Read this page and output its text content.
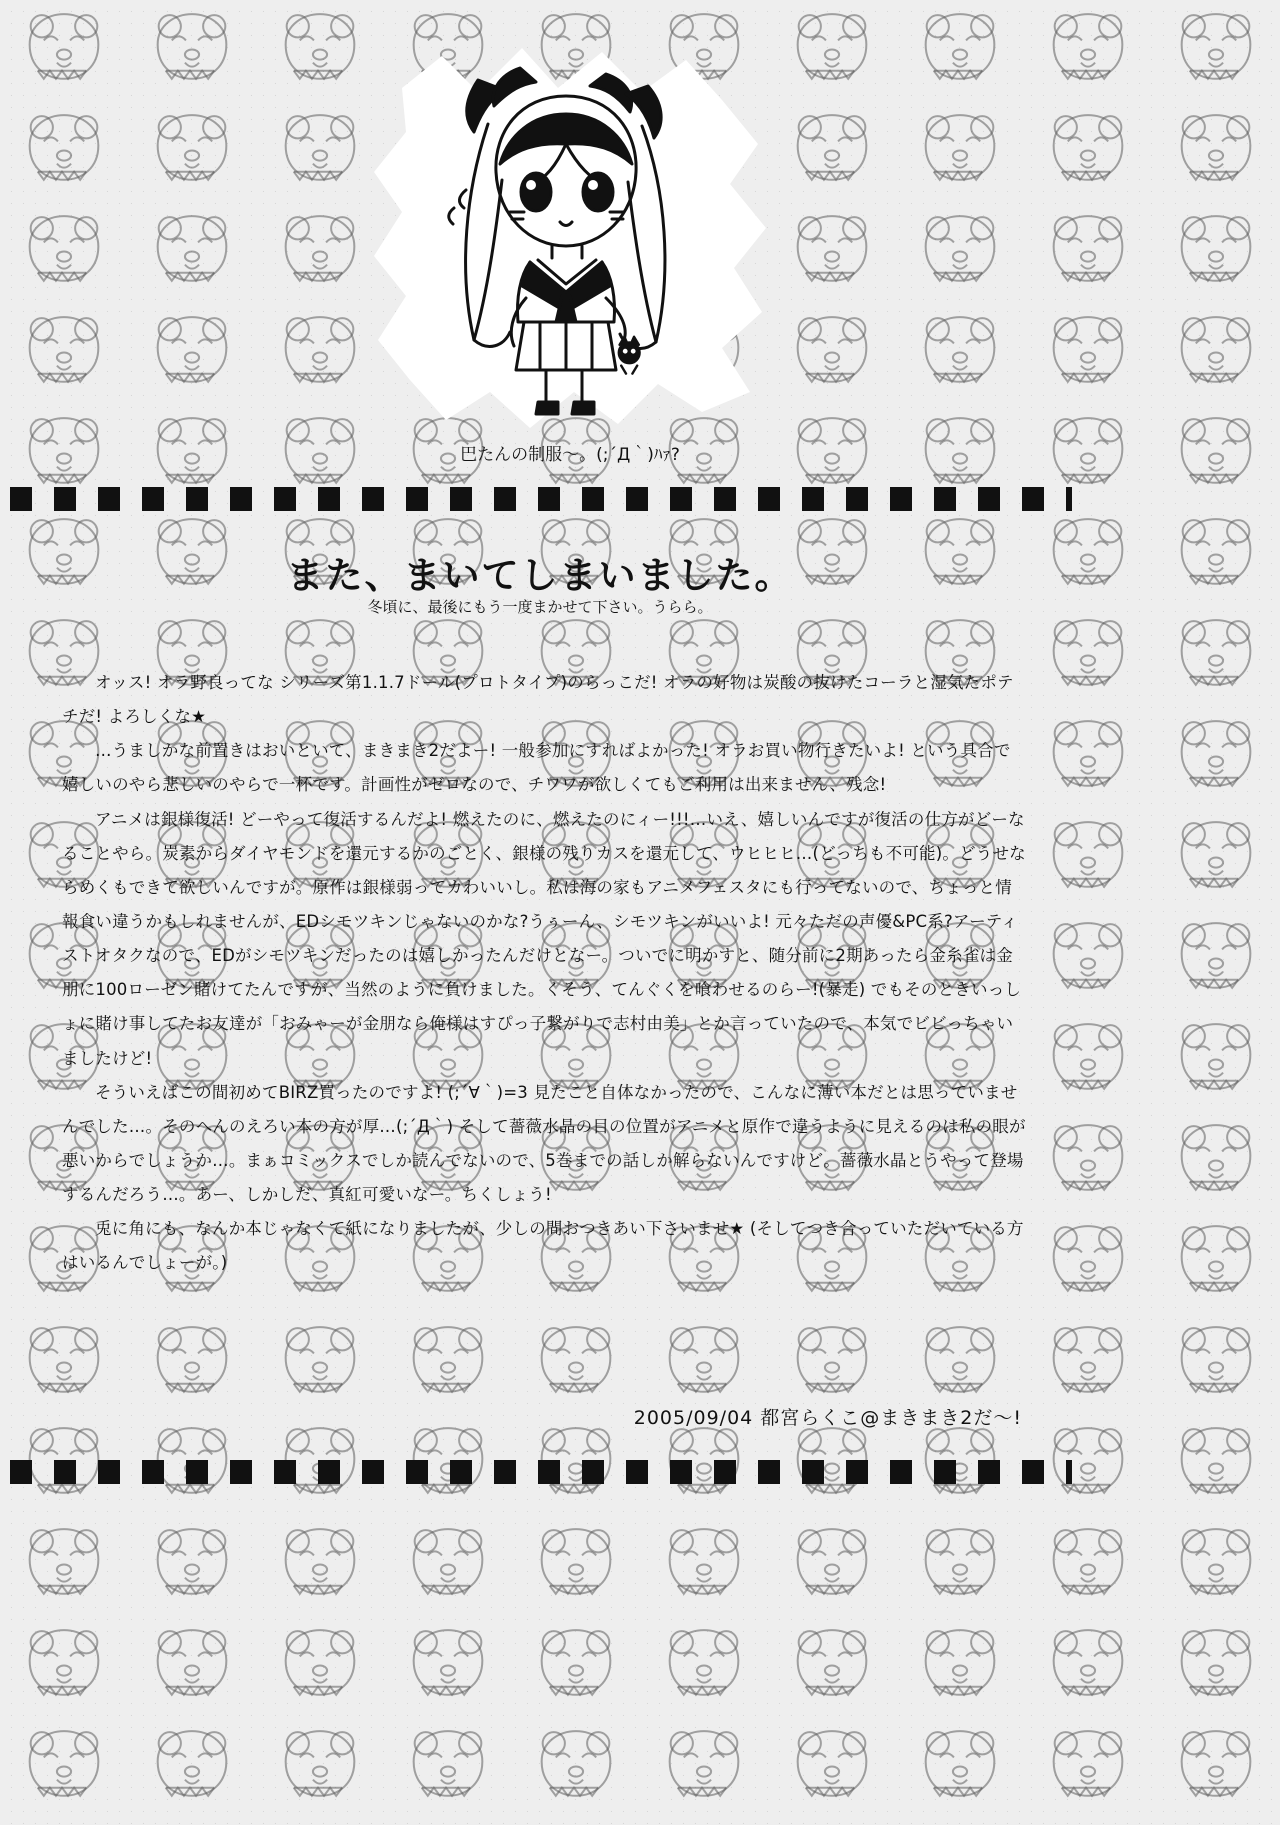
巴たんの制服～。(;´Д｀)ﾊｧ?
また、まいてしまいました。
冬頃に、最後にもう一度まかせて下さい。うらら。

オッス! オラ野良ってな シリーズ第1.1.7ドール(プロトタイプ)のらっこだ! オラの好物は炭酸の抜けたコーラと湿気たポテチだ! よろしくな★

…うましかな前置きはおいといて、まきまき2だよー! 一般参加にすればよかった! オラお買い物行きたいよ! という具合で嬉しいのやら悲しいのやらで一杯です。計画性がゼロなので、チワワが欲しくてもご利用は出来ません、残念!

アニメは銀様復活! どーやって復活するんだよ! 燃えたのに、燃えたのにィー!!!…いえ、嬉しいんですが復活の仕方がどーなることやら。炭素からダイヤモンドを還元するかのごとく、銀様の残りカスを還元して、ウヒヒヒ…(どっちも不可能)。どうせならめくもできて欲しいんですが。原作は銀様弱ってカわいいし。私は海の家もアニメフェスタにも行ってないので、ちょっと情報食い違うかもしれませんが、EDシモツキンじゃないのかな?うぅーん、シモツキンがいいよ! 元々ただの声優&PC系?アーティストオタクなので、EDがシモツキンだったのは嬉しかったんだけとなー。ついでに明かすと、随分前に2期あったら金糸雀は金朋に100ローゼン賭けてたんですが、当然のように負けました。くそう、てんぐくを喰わせるのらー!(暴走) でもそのときいっしょに賭け事してたお友達が「おみゃーが金朋なら俺様はすぴっ子繋がりで志村由美」とか言っていたので、本気でビビっちゃいましたけど!

そういえばこの間初めてBIRZ買ったのですよ! (;´∀｀)=3 見たこと自体なかったので、こんなに薄い本だとは思っていませんでした…。そのへんのえろい本の方が厚…(;´Д｀) そして薔薇水晶の目の位置がアニメと原作で違うように見えるのは私の眼が悪いからでしょうか…。まぁコミックスでしか読んでないので、5巻までの話しか解らないんですけど。薔薇水晶とうやって登場するんだろう…。あー、しかしだ、真紅可愛いなー。ちくしょう!

兎に角にも、なんか本じゃなくて紙になりましたが、少しの間おつきあい下さいませ★ (そしてつき合っていただいている方はいるんでしょーが。)

2005/09/04 都宮らくこ@まきまき2だ～!
